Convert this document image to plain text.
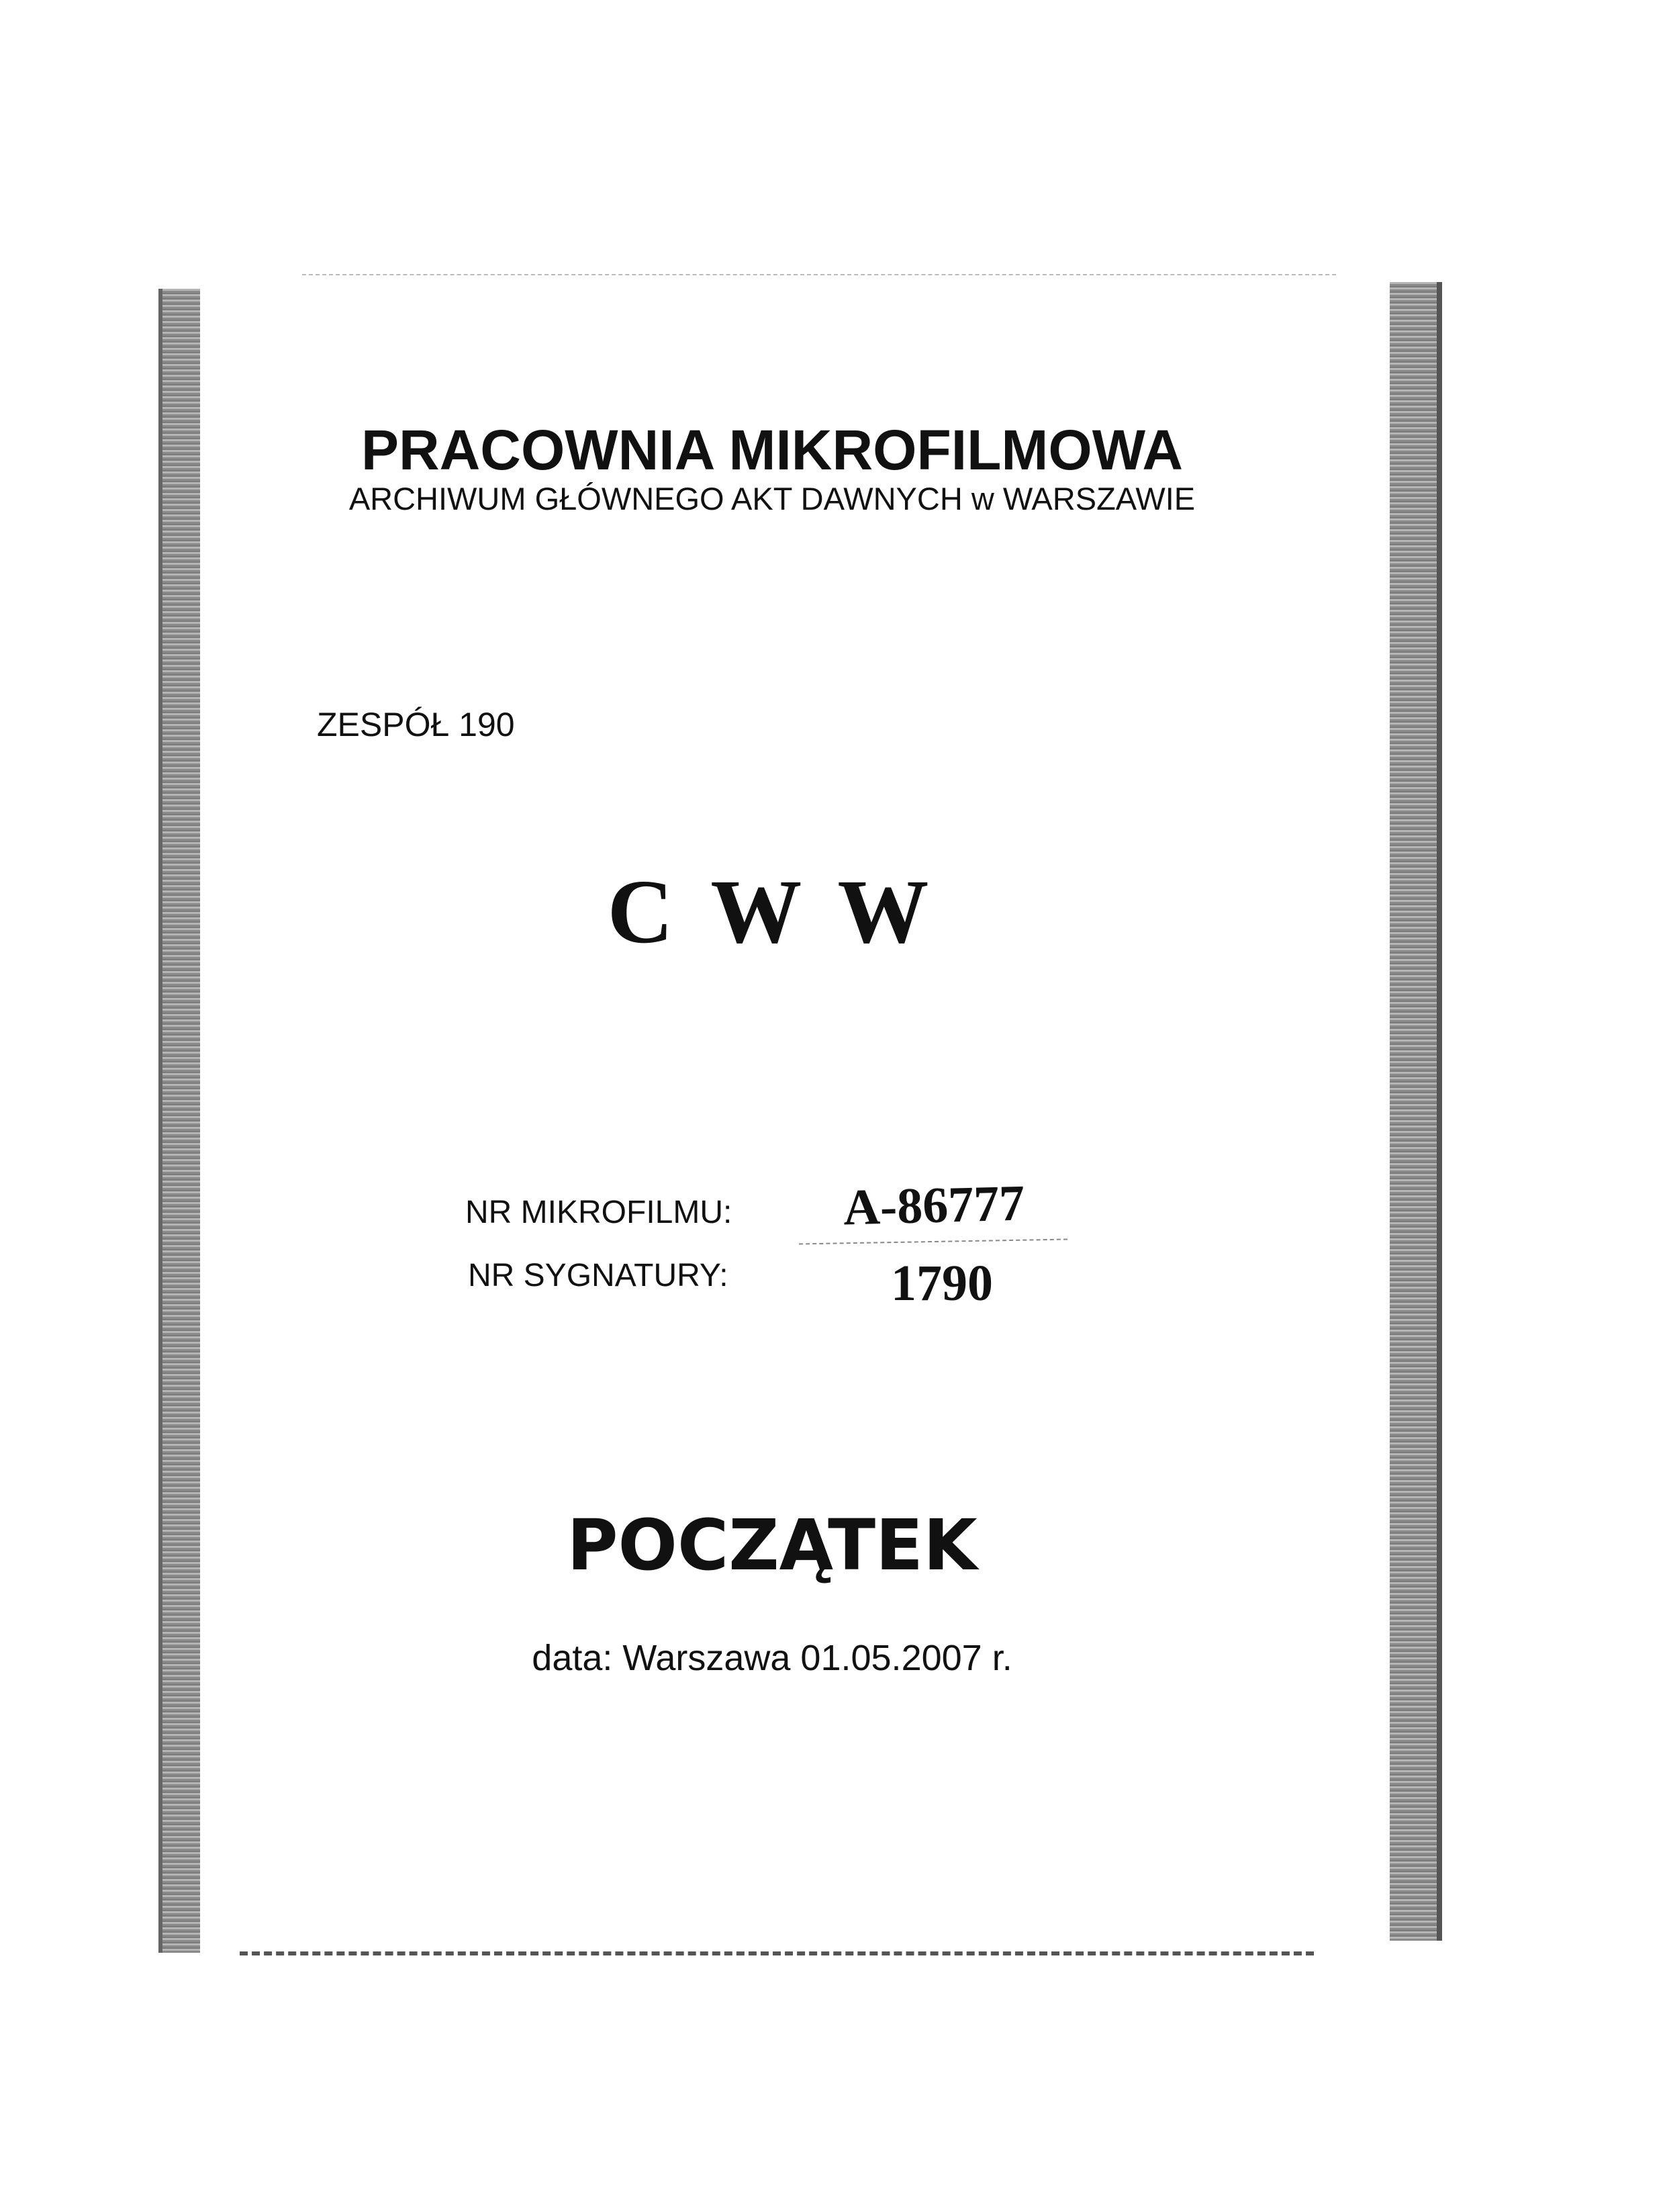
PRACOWNIA MIKROFILMOWA
ARCHIWUM GŁÓWNEGO AKT DAWNYCH w WARSZAWIE
ZESPÓŁ 190
C W W
NR MIKROFILMU: A-86777
NR SYGNATURY:	1790
POCZĄTEK
data: Warszawa 01.05.2007 r.
